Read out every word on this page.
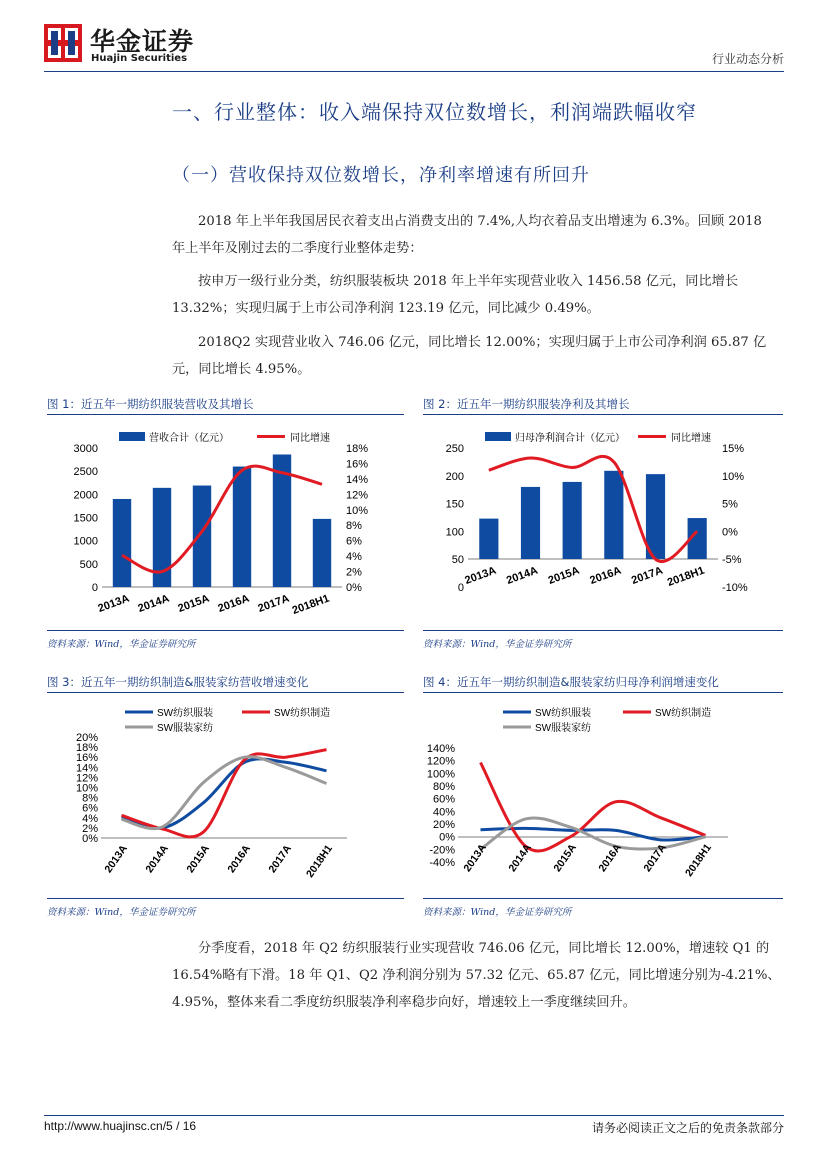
华金证券
Huajin Securities	行业动态分析
一、行业整体：收入端保持双位数增长，利润端跌幅收窄
（一）营收保持双位数增长，净利率增速有所回升
2018 年上半年我国居民衣着支出占消费支出的 7.4%,人均衣着品支出增速为 6.3%。回顾 2018
年上半年及刚过去的二季度行业整体走势：
按申万一级行业分类，纺织服装板块 2018 年上半年实现营业收入 1456.58 亿元，同比增长
13.32%；实现归属于上市公司净利润 123.19 亿元，同比减少 0.49%。
2018Q2 实现营业收入 746.06 亿元，同比增长 12.00%；实现归属于上市公司净利润 65.87 亿
元，同比增长 4.95%。
图 1：近五年一期纺织服装营收及其增长
营收合计（亿元）	同比增速
0
500
1000
1500
2000
2500
3000
0%
2%
4%
6%
8%
10%
12%
14%
16%
18%
2013A 2014A 2015A 2016A 2017A 2018H1
资料来源：Wind，华金证券研究所
图 2：近五年一期纺织服装净利及其增长
归母净利润合计（亿元）	同比增速
0
50
100
150
200
250
-10%
-5%
0%
5%
10%
15%
2013A 2014A 2015A 2016A 2017A 2018H1
资料来源：Wind，华金证券研究所
图 3：近五年一期纺织制造&服装家纺营收增速变化
SW纺织服装	SW纺织制造
SW服装家纺
0%
2%
4%
6%
8%
10%
12%
14%
16%
18%
20%
2013A 2014A 2015A 2016A 2017A 2018H1
资料来源：Wind，华金证券研究所
图 4：近五年一期纺织制造&服装家纺归母净利润增速变化
SW纺织服装	SW纺织制造
SW服装家纺
-40%
-20%
0%
20%
40%
60%
80%
100%
120%
140%
2013A 2014A 2015A 2016A 2017A 2018H1
资料来源：Wind，华金证券研究所
分季度看，2018 年 Q2 纺织服装行业实现营收 746.06 亿元，同比增长 12.00%，增速较 Q1 的
16.54%略有下滑。18 年 Q1、Q2 净利润分别为 57.32 亿元、65.87 亿元，同比增速分别为-4.21%、
4.95%，整体来看二季度纺织服装净利率稳步向好，增速较上一季度继续回升。
http://www.huajinsc.cn/5 / 16	请务必阅读正文之后的免责条款部分
